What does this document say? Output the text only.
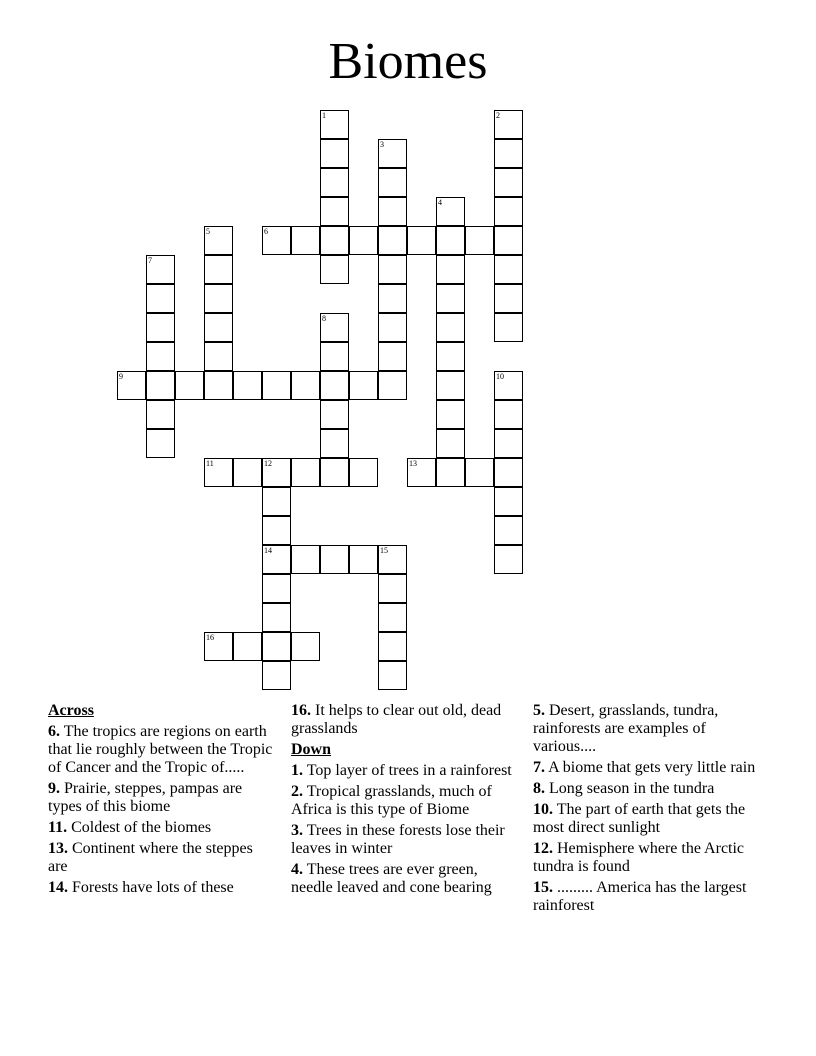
Biomes
1	2
3
4
5	6
7
8
9	10
11	12
14
13
15
16
Across
6. The tropics are regions on earth that lie roughly between the Tropic of Cancer and the Tropic of.....
9. Prairie, steppes, pampas are types of this biome
11. Coldest of the biomes
13. Continent where the steppes are
14. Forests have lots of these
16. It helps to clear out old, dead grasslands
Down
1. Top layer of trees in a rainforest
2. Tropical grasslands, much of Africa is this type of Biome
3. Trees in these forests lose their leaves in winter
4. These trees are ever green, needle leaved and cone bearing
5. Desert, grasslands, tundra, rainforests are examples of various....
7. A biome that gets very little rain
8. Long season in the tundra
10. The part of earth that gets the most direct sunlight
12. Hemisphere where the Arctic tundra is found
15. ......... America has the largest rainforest
